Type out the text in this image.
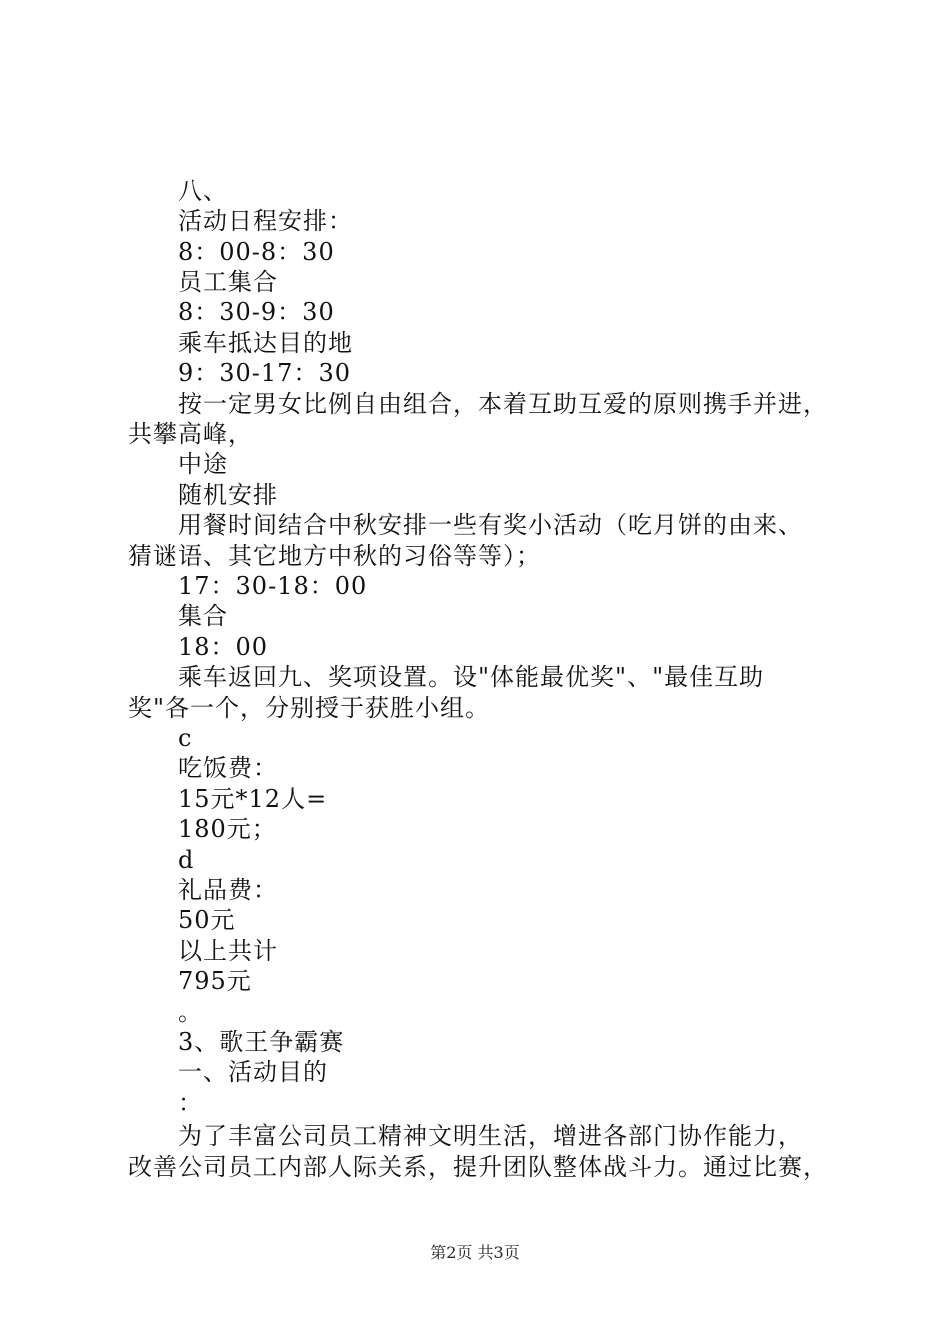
八、
活动日程安排：
8：00-8：30
员工集合
8：30-9：30
乘车抵达目的地
9：30-17：30
按一定男女比例自由组合，本着互助互爱的原则携手并进，
共攀高峰，
中途
随机安排
用餐时间结合中秋安排一些有奖小活动（吃月饼的由来、
猜谜语、其它地方中秋的习俗等等）；
17：30-18：00
集合
18：00
乘车返回九、奖项设置。设"体能最优奖"、"最佳互助
奖"各一个，分别授于获胜小组。
c
吃饭费：
15元*12人=
180元；
d
礼品费：
50元
以上共计
795元
。
3、歌王争霸赛
一、活动目的
：
为了丰富公司员工精神文明生活，增进各部门协作能力，
改善公司员工内部人际关系，提升团队整体战斗力。通过比赛，
第2页 共3页
